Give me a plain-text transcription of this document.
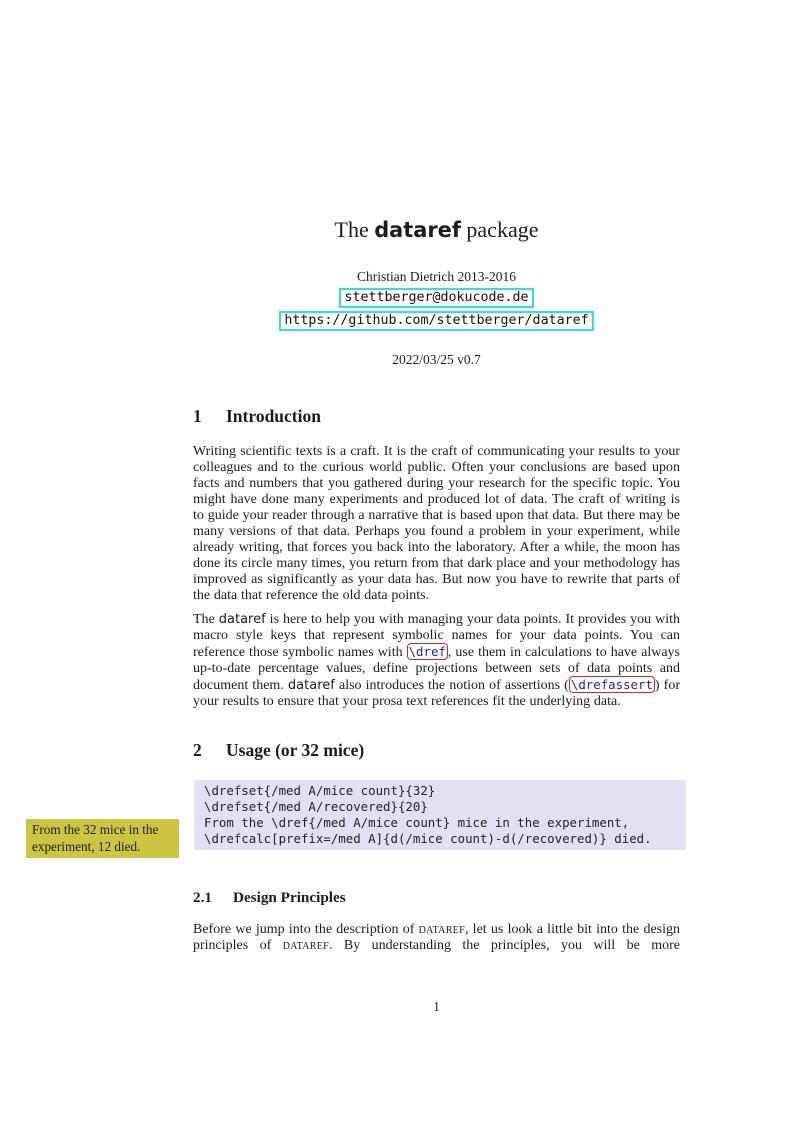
The dataref package
Christian Dietrich 2013-2016
stettberger@dokucode.de
https://github.com/stettberger/dataref
2022/03/25 v0.7
1	Introduction
Writing scientific texts is a craft. It is the craft of communicating your results to your colleagues and to the curious world public. Often your conclusions are based upon facts and numbers that you gathered during your research for the specific topic. You might have done many experiments and produced lot of data. The craft of writing is to guide your reader through a narrative that is based upon that data. But there may be many versions of that data. Perhaps you found a problem in your experiment, while already writing, that forces you back into the laboratory. After a while, the moon has done its circle many times, you return from that dark place and your methodology has improved as significantly as your data has. But now you have to rewrite that parts of the data that reference the old data points.
The dataref is here to help you with managing your data points. It provides you with macro style keys that represent symbolic names for your data points. You can reference those symbolic names with \dref , use them in calculations to have always up-to-date percentage values, define projections between sets of data points and document them. dataref also introduces the notion of assertions ( \drefassert ) for your results to ensure that your prosa text references fit the underlying data.
2	Usage (or 32 mice)
\drefset{/med A/mice count}{32}
\drefset{/med A/recovered}{20}
From the \dref{/med A/mice count} mice in the experiment,
\drefcalc[prefix=/med A]{d(/mice count)-d(/recovered)} died.
2.1	Design Principles
Before we jump into the description of dataref, let us look a little bit into the design principles of dataref. By understanding the principles, you will be more
From the 32 mice in the experiment, 12 died.
1
